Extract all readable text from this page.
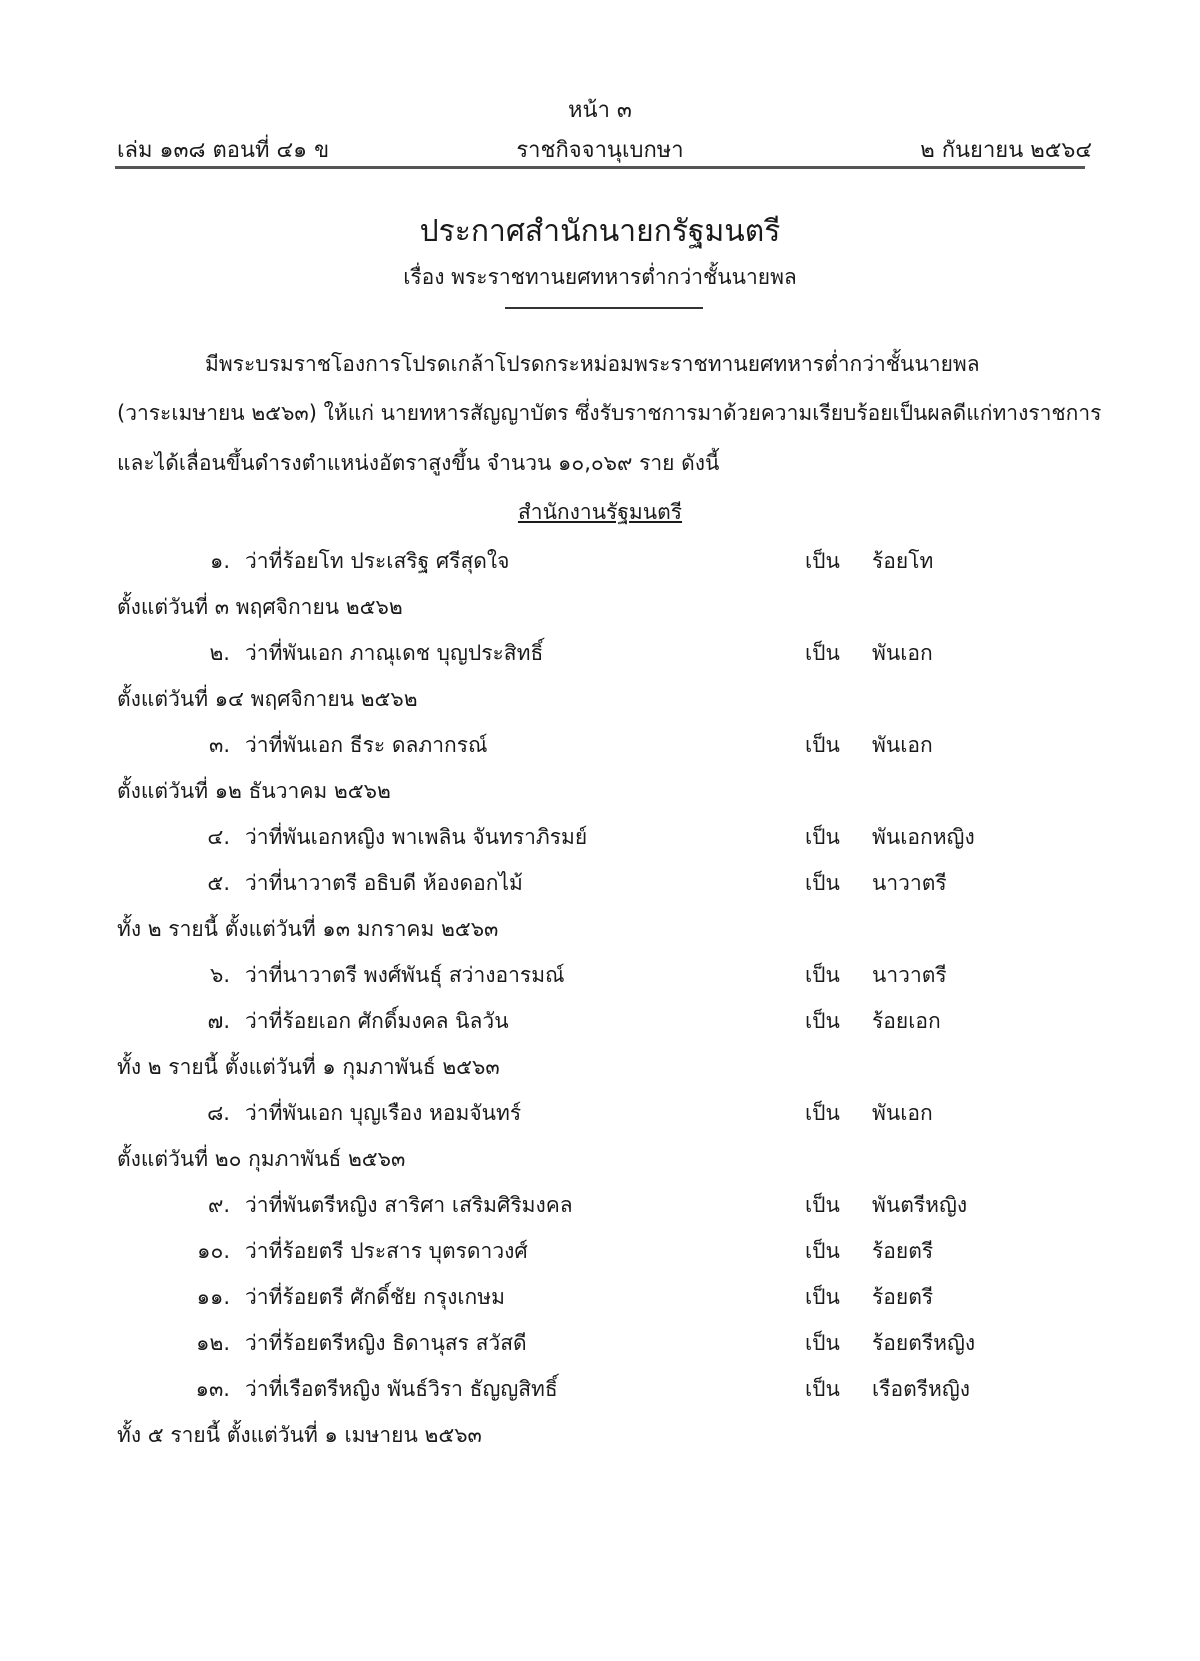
หน้า ๓
เล่ม ๑๓๘ ตอนที่ ๔๑ ข	ราชกิจจานุเบกษา	๒ กันยายน ๒๕๖๔
ประกาศสำนักนายกรัฐมนตรี
เรื่อง พระราชทานยศทหารต่ำกว่าชั้นนายพล
มีพระบรมราชโองการโปรดเกล้าโปรดกระหม่อมพระราชทานยศทหารต่ำกว่าชั้นนายพล
(วาระเมษายน ๒๕๖๓) ให้แก่ นายทหารสัญญาบัตร ซึ่งรับราชการมาด้วยความเรียบร้อยเป็นผลดีแก่ทางราชการ
และได้เลื่อนขึ้นดำรงตำแหน่งอัตราสูงขึ้น จำนวน ๑๐,๐๖๙ ราย ดังนี้
สำนักงานรัฐมนตรี
๑. ว่าที่ร้อยโท ประเสริฐ ศรีสุดใจ	เป็น ร้อยโท
ตั้งแต่วันที่ ๓ พฤศจิกายน ๒๕๖๒
๒. ว่าที่พันเอก ภาณุเดช บุญประสิทธิ์	เป็น พันเอก
ตั้งแต่วันที่ ๑๔ พฤศจิกายน ๒๕๖๒
๓. ว่าที่พันเอก ธีระ ดลภากรณ์	เป็น พันเอก
ตั้งแต่วันที่ ๑๒ ธันวาคม ๒๕๖๒
๔. ว่าที่พันเอกหญิง พาเพลิน จันทราภิรมย์	เป็น พันเอกหญิง
๕. ว่าที่นาวาตรี อธิบดี ห้องดอกไม้	เป็น นาวาตรี
ทั้ง ๒ รายนี้ ตั้งแต่วันที่ ๑๓ มกราคม ๒๕๖๓
๖. ว่าที่นาวาตรี พงศ์พันธุ์ สว่างอารมณ์	เป็น นาวาตรี
๗. ว่าที่ร้อยเอก ศักดิ์มงคล นิลวัน	เป็น ร้อยเอก
ทั้ง ๒ รายนี้ ตั้งแต่วันที่ ๑ กุมภาพันธ์ ๒๕๖๓
๘. ว่าที่พันเอก บุญเรือง หอมจันทร์	เป็น พันเอก
ตั้งแต่วันที่ ๒๐ กุมภาพันธ์ ๒๕๖๓
๙. ว่าที่พันตรีหญิง สาริศา เสริมศิริมงคล	เป็น พันตรีหญิง
๑๐. ว่าที่ร้อยตรี ประสาร บุตรดาวงศ์	เป็น ร้อยตรี
๑๑. ว่าที่ร้อยตรี ศักดิ์ชัย กรุงเกษม	เป็น ร้อยตรี
๑๒. ว่าที่ร้อยตรีหญิง ธิดานุสร สวัสดี	เป็น ร้อยตรีหญิง
๑๓. ว่าที่เรือตรีหญิง พันธ์วิรา ธัญญสิทธิ์	เป็น เรือตรีหญิง
ทั้ง ๕ รายนี้ ตั้งแต่วันที่ ๑ เมษายน ๒๕๖๓
